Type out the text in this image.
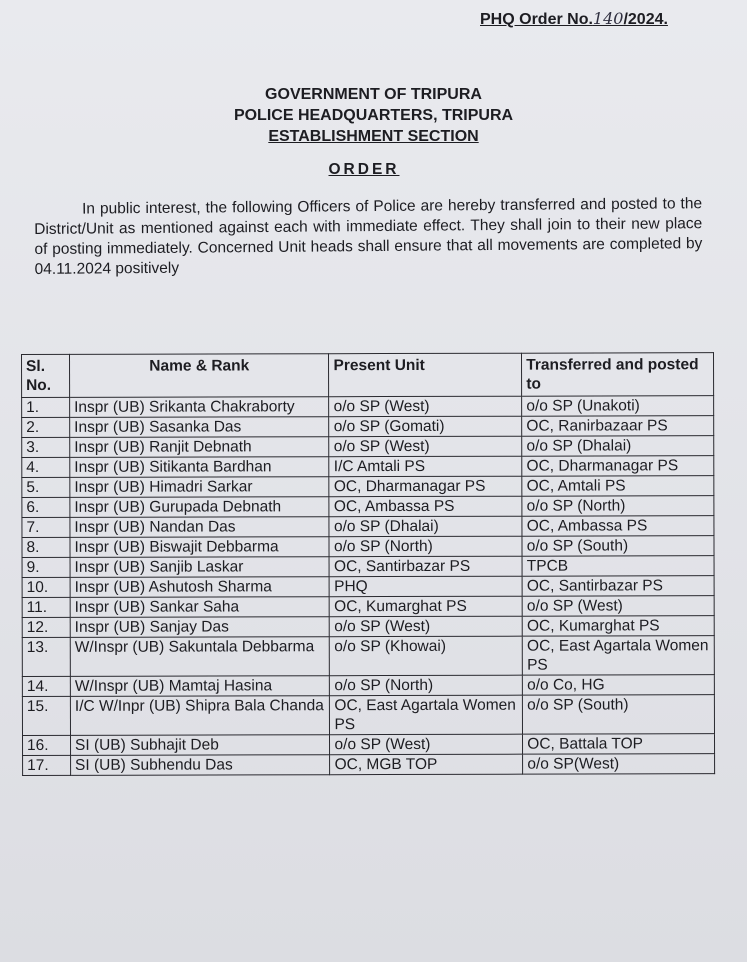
PHQ Order No.140/2024.
GOVERNMENT OF TRIPURA
POLICE HEADQUARTERS, TRIPURA
ESTABLISHMENT SECTION
ORDER
In public interest, the following Officers of Police are hereby transferred and posted to the District/Unit as mentioned against each with immediate effect. They shall join to their new place of posting immediately. Concerned Unit heads shall ensure that all movements are completed by 04.11.2024 positively
Sl. No.	Name & Rank	Present Unit	Transferred and posted to
1.	Inspr (UB) Srikanta Chakraborty	o/o SP (West)	o/o SP (Unakoti)
2.	Inspr (UB) Sasanka Das	o/o SP (Gomati)	OC, Ranirbazaar PS
3.	Inspr (UB) Ranjit Debnath	o/o SP (West)	o/o SP (Dhalai)
4.	Inspr (UB) Sitikanta Bardhan	I/C Amtali PS	OC, Dharmanagar PS
5.	Inspr (UB) Himadri Sarkar	OC, Dharmanagar PS	OC, Amtali PS
6.	Inspr (UB) Gurupada Debnath	OC, Ambassa PS	o/o SP (North)
7.	Inspr (UB) Nandan Das	o/o SP (Dhalai)	OC, Ambassa PS
8.	Inspr (UB) Biswajit Debbarma	o/o SP (North)	o/o SP (South)
9.	Inspr (UB) Sanjib Laskar	OC, Santirbazar PS	TPCB
10.	Inspr (UB) Ashutosh Sharma	PHQ	OC, Santirbazar PS
11.	Inspr (UB) Sankar Saha	OC, Kumarghat PS	o/o SP (West)
12.	Inspr (UB) Sanjay Das	o/o SP (West)	OC, Kumarghat PS
13.	W/Inspr (UB) Sakuntala Debbarma	o/o SP (Khowai)	OC, East Agartala Women PS
14.	W/Inspr (UB) Mamtaj Hasina	o/o SP (North)	o/o Co, HG
15.	I/C W/Inpr (UB) Shipra Bala Chanda	OC, East Agartala Women PS	o/o SP (South)
16.	SI (UB) Subhajit Deb	o/o SP (West)	OC, Battala TOP
17.	SI (UB) Subhendu Das	OC, MGB TOP	o/o SP(West)
